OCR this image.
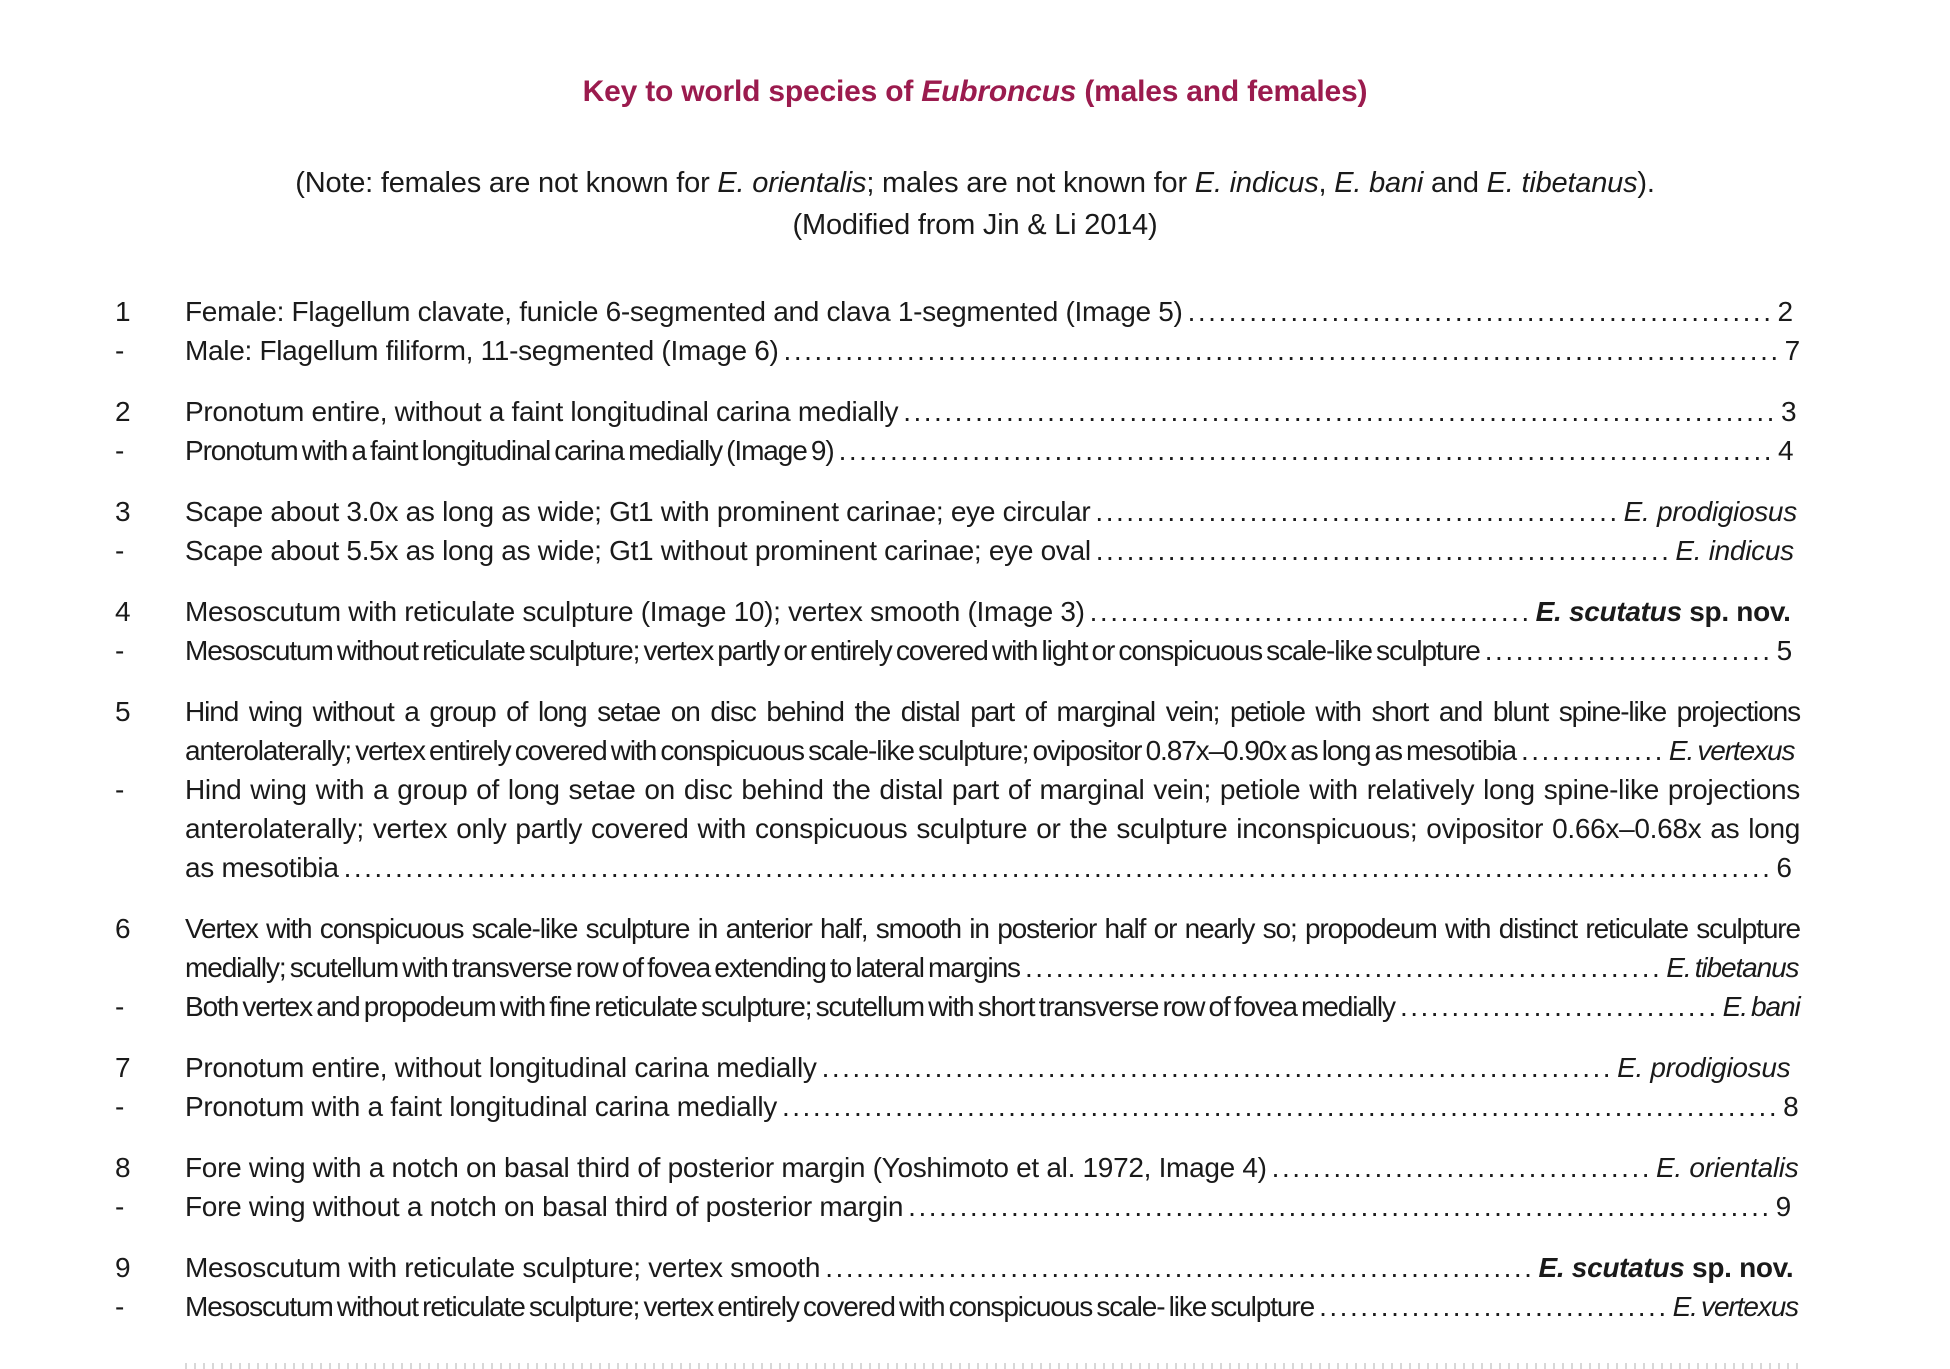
Key to world species of Eubroncus (males and females)
(Note: females are not known for E. orientalis; males are not known for E. indicus, E. bani and E. tibetanus).
(Modified from Jin & Li 2014)
1	Female: Flagellum clavate, funicle 6-segmented and clava 1-segmented (Image 5) ......................................................... 2

-	Male: Flagellum filiform, 11-segmented (Image 6) ................................................................................................. 7

2	Pronotum entire, without a faint longitudinal carina medially ..................................................................................... 3

-	Pronotum with a faint longitudinal carina medially (Image 9) ........................................................................................... 4

3	Scape about 3.0x as long as wide; Gt1 with prominent carinae; eye circular ................................................... E. prodigiosus

-	Scape about 5.5x as long as wide; Gt1 without prominent carinae; eye oval ........................................................ E. indicus

4	Mesoscutum with reticulate sculpture (Image 10); vertex smooth (Image 3) ........................................... E. scutatus sp. nov.

-	Mesoscutum without reticulate sculpture; vertex partly or entirely covered with light or conspicuous scale-like sculpture ............................ 5

5	Hind wing without a group of long setae on disc behind the distal part of marginal vein; petiole with short and blunt spine-like projections anterolaterally; vertex entirely covered with conspicuous scale-like sculpture; ovipositor 0.87x–0.90x as long as mesotibia .............. E. vertexus

-	Hind wing with a group of long setae on disc behind the distal part of marginal vein; petiole with relatively long spine-like projections anterolaterally; vertex only partly covered with conspicuous sculpture or the sculpture inconspicuous; ovipositor 0.66x–0.68x as long as mesotibia ........................................................................................................................................... 6

6	Vertex with conspicuous scale-like sculpture in anterior half, smooth in posterior half or nearly so; propodeum with distinct reticulate sculpture medially; scutellum with transverse row of fovea extending to lateral margins .............................................................. E. tibetanus

-	Both vertex and propodeum with fine reticulate sculpture; scutellum with short transverse row of fovea medially ............................... E. bani

7	Pronotum entire, without longitudinal carina medially ............................................................................. E. prodigiosus

-	Pronotum with a faint longitudinal carina medially ................................................................................................. 8

8	Fore wing with a notch on basal third of posterior margin (Yoshimoto et al. 1972, Image 4) ..................................... E. orientalis

-	Fore wing without a notch on basal third of posterior margin .................................................................................... 9

9	Mesoscutum with reticulate sculpture; vertex smooth ..................................................................... E. scutatus sp. nov.

-	Mesoscutum without reticulate sculpture; vertex entirely covered with conspicuous scale- like sculpture .................................. E. vertexus
